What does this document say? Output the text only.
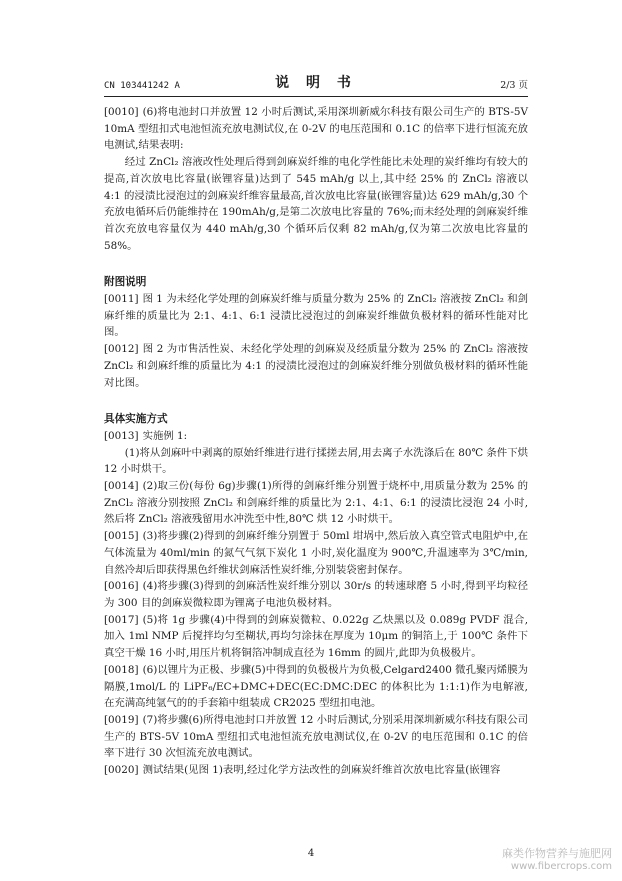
CN 103441242 A	说 明 书	2/3 页

[0010] (6)将电池封口并放置 12 小时后测试,采用深圳新威尔科技有限公司生产的 BTS-5V 10mA 型纽扣式电池恒流充放电测试仪,在 0-2V 的电压范围和 0.1C 的倍率下进行恒流充放电测试,结果表明:

经过 ZnCl₂ 溶液改性处理后得到剑麻炭纤维的电化学性能比未处理的炭纤维均有较大的提高,首次放电比容量(嵌锂容量)达到了 545 mAh/g 以上,其中经 25% 的 ZnCl₂ 溶液以 4:1 的浸渍比浸泡过的剑麻炭纤维容量最高,首次放电比容量(嵌锂容量)达 629 mAh/g,30 个充放电循环后仍能维持在 190mAh/g,是第二次放电比容量的 76%;而未经处理的剑麻炭纤维首次充放电容量仅为 440 mAh/g,30 个循环后仅剩 82 mAh/g,仅为第二次放电比容量的 58%。

附图说明

[0011] 图 1 为未经化学处理的剑麻炭纤维与质量分数为 25% 的 ZnCl₂ 溶液按 ZnCl₂ 和剑麻纤维的质量比为 2:1、4:1、6:1 浸渍比浸泡过的剑麻炭纤维做负极材料的循环性能对比图。

[0012] 图 2 为市售活性炭、未经化学处理的剑麻炭及经质量分数为 25% 的 ZnCl₂ 溶液按 ZnCl₂ 和剑麻纤维的质量比为 4:1 的浸渍比浸泡过的剑麻炭纤维分别做负极材料的循环性能对比图。

具体实施方式

[0013] 实施例 1:

(1)将从剑麻叶中剥离的原始纤维进行进行揉搓去屑,用去离子水洗涤后在 80℃ 条件下烘 12 小时烘干。

[0014] (2)取三份(每份 6g)步骤(1)所得的剑麻纤维分别置于烧杯中,用质量分数为 25% 的 ZnCl₂ 溶液分别按照 ZnCl₂ 和剑麻纤维的质量比为 2:1、4:1、6:1 的浸渍比浸泡 24 小时,然后将 ZnCl₂ 溶液残留用水冲洗至中性,80℃ 烘 12 小时烘干。

[0015] (3)将步骤(2)得到的剑麻纤维分别置于 50ml 坩埚中,然后放入真空管式电阻炉中,在气体流量为 40ml/min 的氮气气氛下炭化 1 小时,炭化温度为 900℃,升温速率为 3℃/min,自然冷却后即获得黑色纤维状剑麻活性炭纤维,分别装袋密封保存。

[0016] (4)将步骤(3)得到的剑麻活性炭纤维分别以 30r/s 的转速球磨 5 小时,得到平均粒径为 300 目的剑麻炭微粒即为锂离子电池负极材料。

[0017] (5)将 1g 步骤(4)中得到的剑麻炭微粒、0.022g 乙炔黑以及 0.089g PVDF 混合,加入 1ml NMP 后搅拌均匀至糊状,再均匀涂抹在厚度为 10μm 的铜箔上,于 100℃ 条件下真空干燥 16 小时,用压片机将铜箔冲制成直径为 16mm 的圆片,此即为负极极片。

[0018] (6)以锂片为正极、步骤(5)中得到的负极极片为负极,Celgard2400 微孔聚丙烯膜为隔膜,1mol/L 的 LiPF₆/EC+DMC+DEC(EC:DMC:DEC 的体积比为 1:1:1)作为电解液,在充满高纯氩气的的手套箱中组装成 CR2025 型纽扣电池。

[0019] (7)将步骤(6)所得电池封口并放置 12 小时后测试,分别采用深圳新威尔科技有限公司生产的 BTS-5V 10mA 型纽扣式电池恒流充放电测试仪,在 0-2V 的电压范围和 0.1C 的倍率下进行 30 次恒流充放电测试。

[0020] 测试结果(见图 1)表明,经过化学方法改性的剑麻炭纤维首次放电比容量(嵌锂容

4	麻类作物营养与施肥网
www.fibercrops.com
